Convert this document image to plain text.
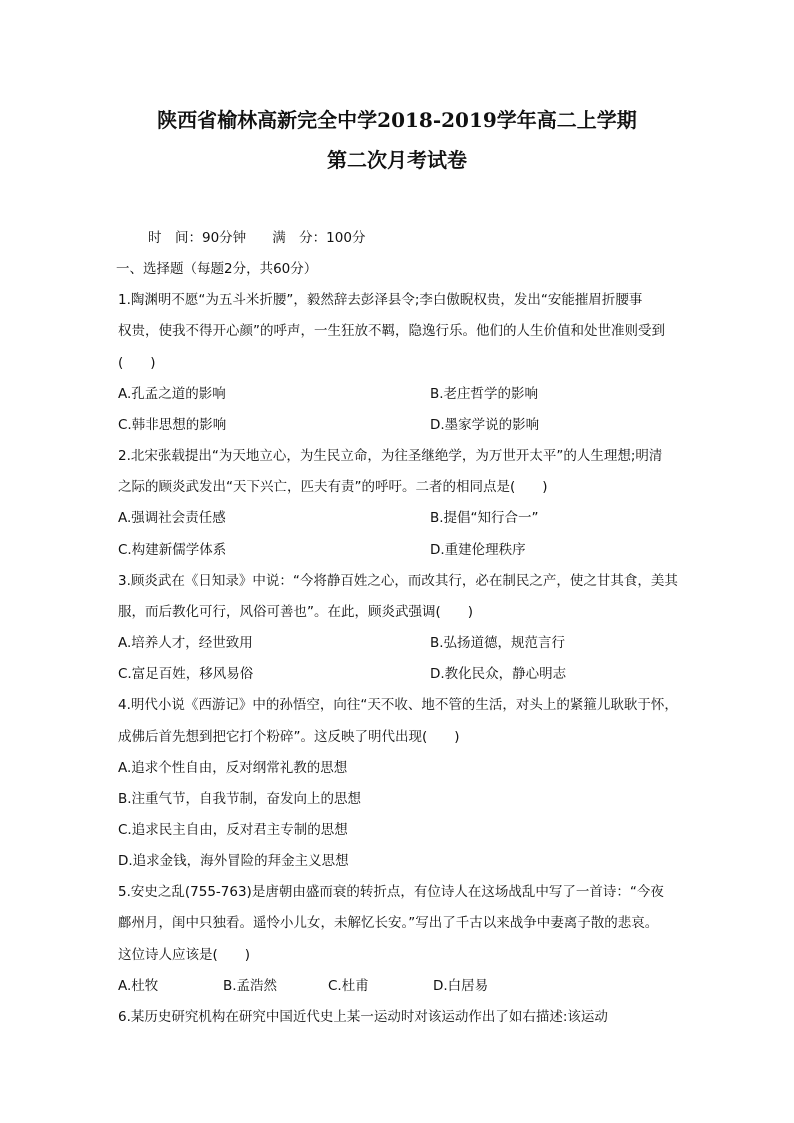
陕西省榆林高新完全中学2018-2019学年高二上学期
第二次月考试卷
时　间：90分钟 满　分：100分
一、选择题（每题2分，共60分）
1.陶渊明不愿“为五斗米折腰”，毅然辞去彭泽县令;李白傲睨权贵，发出“安能摧眉折腰事
权贵，使我不得开心颜”的呼声，一生狂放不羁，隐逸行乐。他们的人生价值和处世准则受到
(　　)
A.孔孟之道的影响	B.老庄哲学的影响
C.韩非思想的影响	D.墨家学说的影响
2.北宋张载提出“为天地立心，为生民立命，为往圣继绝学，为万世开太平”的人生理想;明清
之际的顾炎武发出“天下兴亡，匹夫有责”的呼吁。二者的相同点是(　　)
A.强调社会责任感	B.提倡“知行合一”
C.构建新儒学体系	D.重建伦理秩序
3.顾炎武在《日知录》中说：“今将静百姓之心，而改其行，必在制民之产，使之甘其食，美其
服，而后教化可行，风俗可善也”。在此，顾炎武强调(　　)
A.培养人才，经世致用	B.弘扬道德，规范言行
C.富足百姓，移风易俗	D.教化民众，静心明志
4.明代小说《西游记》中的孙悟空，向往“天不收、地不管的生活，对头上的紧箍儿耿耿于怀，
成佛后首先想到把它打个粉碎”。这反映了明代出现(　　)
A.追求个性自由，反对纲常礼教的思想
B.注重气节，自我节制，奋发向上的思想
C.追求民主自由，反对君主专制的思想
D.追求金钱，海外冒险的拜金主义思想
5.安史之乱(755-763)是唐朝由盛而衰的转折点，有位诗人在这场战乱中写了一首诗：“今夜
鄜州月，闺中只独看。遥怜小儿女，未解忆长安。”写出了千古以来战争中妻离子散的悲哀。
这位诗人应该是(　　)
A.杜牧	B.孟浩然	C.杜甫	D.白居易
6.某历史研究机构在研究中国近代史上某一运动时对该运动作出了如右描述:该运动
